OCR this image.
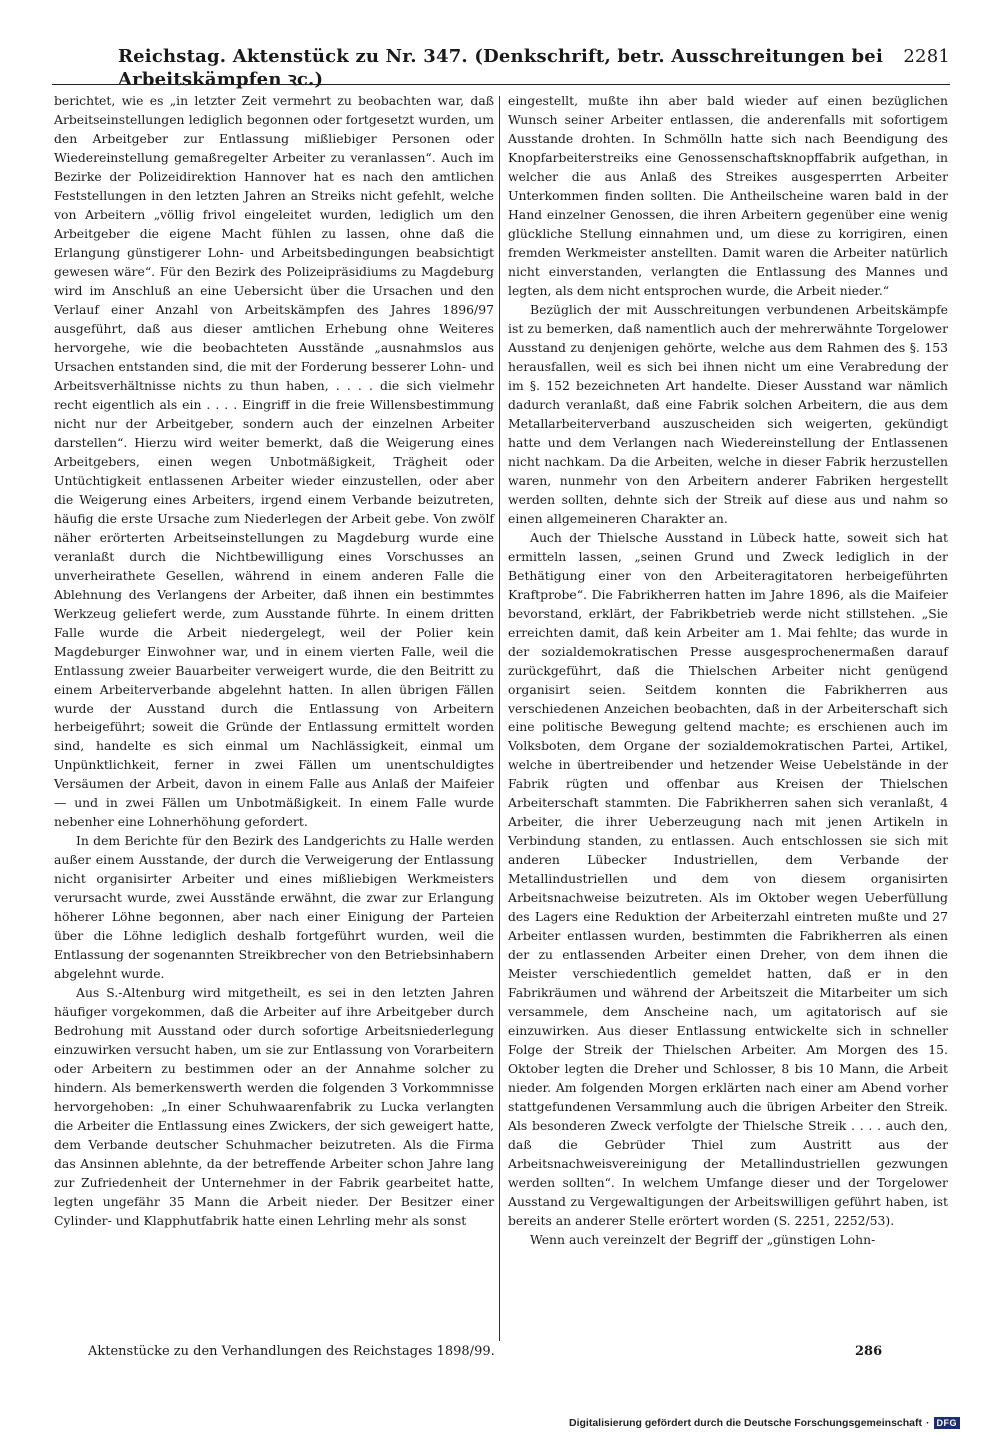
Reichstag. Aktenstück zu Nr. 347. (Denkschrift, betr. Ausschreitungen bei Arbeitskämpfen ꝛc.)
2281

berichtet, wie es „in letzter Zeit vermehrt zu beobachten war, daß Arbeitseinstellungen lediglich begonnen oder fortgesetzt wurden, um den Arbeitgeber zur Entlassung mißliebiger Personen oder Wiedereinstellung gemaßregelter Arbeiter zu veranlassen“. Auch im Bezirke der Polizeidirektion Hannover hat es nach den amtlichen Feststellungen in den letzten Jahren an Streiks nicht gefehlt, welche von Arbeitern „völlig frivol eingeleitet wurden, lediglich um den Arbeitgeber die eigene Macht fühlen zu lassen, ohne daß die Erlangung günstigerer Lohn- und Arbeitsbedingungen beabsichtigt gewesen wäre“. Für den Bezirk des Polizeipräsidiums zu Magdeburg wird im Anschluß an eine Uebersicht über die Ursachen und den Verlauf einer Anzahl von Arbeitskämpfen des Jahres 1896/97 ausgeführt, daß aus dieser amtlichen Erhebung ohne Weiteres hervorgehe, wie die beobachteten Ausstände „ausnahmslos aus Ursachen entstanden sind, die mit der Forderung besserer Lohn- und Arbeitsverhältnisse nichts zu thun haben, . . . . die sich vielmehr recht eigentlich als ein . . . . Eingriff in die freie Willensbestimmung nicht nur der Arbeitgeber, sondern auch der einzelnen Arbeiter darstellen“. Hierzu wird weiter bemerkt, daß die Weigerung eines Arbeitgebers, einen wegen Unbotmäßigkeit, Trägheit oder Untüchtigkeit entlassenen Arbeiter wieder einzustellen, oder aber die Weigerung eines Arbeiters, irgend einem Verbande beizutreten, häufig die erste Ursache zum Niederlegen der Arbeit gebe. Von zwölf näher erörterten Arbeitseinstellungen zu Magdeburg wurde eine veranlaßt durch die Nichtbewilligung eines Vorschusses an unverheirathete Gesellen, während in einem anderen Falle die Ablehnung des Verlangens der Arbeiter, daß ihnen ein bestimmtes Werkzeug geliefert werde, zum Ausstande führte. In einem dritten Falle wurde die Arbeit niedergelegt, weil der Polier kein Magdeburger Einwohner war, und in einem vierten Falle, weil die Entlassung zweier Bauarbeiter verweigert wurde, die den Beitritt zu einem Arbeiterverbande abgelehnt hatten. In allen übrigen Fällen wurde der Ausstand durch die Entlassung von Arbeitern herbeigeführt; soweit die Gründe der Entlassung ermittelt worden sind, handelte es sich einmal um Nachlässigkeit, einmal um Unpünktlichkeit, ferner in zwei Fällen um unentschuldigtes Versäumen der Arbeit, davon in einem Falle aus Anlaß der Maifeier — und in zwei Fällen um Unbotmäßigkeit. In einem Falle wurde nebenher eine Lohnerhöhung gefordert.

In dem Berichte für den Bezirk des Landgerichts zu Halle werden außer einem Ausstande, der durch die Verweigerung der Entlassung nicht organisirter Arbeiter und eines mißliebigen Werkmeisters verursacht wurde, zwei Ausstände erwähnt, die zwar zur Erlangung höherer Löhne begonnen, aber nach einer Einigung der Parteien über die Löhne lediglich deshalb fortgeführt wurden, weil die Entlassung der sogenannten Streikbrecher von den Betriebsinhabern abgelehnt wurde.

Aus S.-Altenburg wird mitgetheilt, es sei in den letzten Jahren häufiger vorgekommen, daß die Arbeiter auf ihre Arbeitgeber durch Bedrohung mit Ausstand oder durch sofortige Arbeitsniederlegung einzuwirken versucht haben, um sie zur Entlassung von Vorarbeitern oder Arbeitern zu bestimmen oder an der Annahme solcher zu hindern. Als bemerkenswerth werden die folgenden 3 Vorkommnisse hervorgehoben: „In einer Schuhwaarenfabrik zu Lucka verlangten die Arbeiter die Entlassung eines Zwickers, der sich geweigert hatte, dem Verbande deutscher Schuhmacher beizutreten. Als die Firma das Ansinnen ablehnte, da der betreffende Arbeiter schon Jahre lang zur Zufriedenheit der Unternehmer in der Fabrik gearbeitet hatte, legten ungefähr 35 Mann die Arbeit nieder. Der Besitzer einer Cylinder- und Klapphutfabrik hatte einen Lehrling mehr als sonst

eingestellt, mußte ihn aber bald wieder auf einen bezüglichen Wunsch seiner Arbeiter entlassen, die anderenfalls mit sofortigem Ausstande drohten. In Schmölln hatte sich nach Beendigung des Knopfarbeiterstreiks eine Genossenschaftsknopffabrik aufgethan, in welcher die aus Anlaß des Streikes ausgesperrten Arbeiter Unterkommen finden sollten. Die Antheilscheine waren bald in der Hand einzelner Genossen, die ihren Arbeitern gegenüber eine wenig glückliche Stellung einnahmen und, um diese zu korrigiren, einen fremden Werkmeister anstellten. Damit waren die Arbeiter natürlich nicht einverstanden, verlangten die Entlassung des Mannes und legten, als dem nicht entsprochen wurde, die Arbeit nieder.“

Bezüglich der mit Ausschreitungen verbundenen Arbeitskämpfe ist zu bemerken, daß namentlich auch der mehrerwähnte Torgelower Ausstand zu denjenigen gehörte, welche aus dem Rahmen des §. 153 herausfallen, weil es sich bei ihnen nicht um eine Verabredung der im §. 152 bezeichneten Art handelte. Dieser Ausstand war nämlich dadurch veranlaßt, daß eine Fabrik solchen Arbeitern, die aus dem Metallarbeiterverband auszuscheiden sich weigerten, gekündigt hatte und dem Verlangen nach Wiedereinstellung der Entlassenen nicht nachkam. Da die Arbeiten, welche in dieser Fabrik herzustellen waren, nunmehr von den Arbeitern anderer Fabriken hergestellt werden sollten, dehnte sich der Streik auf diese aus und nahm so einen allgemeineren Charakter an.

Auch der Thielsche Ausstand in Lübeck hatte, soweit sich hat ermitteln lassen, „seinen Grund und Zweck lediglich in der Bethätigung einer von den Arbeiteragitatoren herbeigeführten Kraftprobe“. Die Fabrikherren hatten im Jahre 1896, als die Maifeier bevorstand, erklärt, der Fabrikbetrieb werde nicht stillstehen. „Sie erreichten damit, daß kein Arbeiter am 1. Mai fehlte; das wurde in der sozialdemokratischen Presse ausgesprochenermaßen darauf zurückgeführt, daß die Thielschen Arbeiter nicht genügend organisirt seien. Seitdem konnten die Fabrikherren aus verschiedenen Anzeichen beobachten, daß in der Arbeiterschaft sich eine politische Bewegung geltend machte; es erschienen auch im Volksboten, dem Organe der sozialdemokratischen Partei, Artikel, welche in übertreibender und hetzender Weise Uebelstände in der Fabrik rügten und offenbar aus Kreisen der Thielschen Arbeiterschaft stammten. Die Fabrikherren sahen sich veranlaßt, 4 Arbeiter, die ihrer Ueberzeugung nach mit jenen Artikeln in Verbindung standen, zu entlassen. Auch entschlossen sie sich mit anderen Lübecker Industriellen, dem Verbande der Metallindustriellen und dem von diesem organisirten Arbeitsnachweise beizutreten. Als im Oktober wegen Ueberfüllung des Lagers eine Reduktion der Arbeiterzahl eintreten mußte und 27 Arbeiter entlassen wurden, bestimmten die Fabrikherren als einen der zu entlassenden Arbeiter einen Dreher, von dem ihnen die Meister verschiedentlich gemeldet hatten, daß er in den Fabrikräumen und während der Arbeitszeit die Mitarbeiter um sich versammele, dem Anscheine nach, um agitatorisch auf sie einzuwirken. Aus dieser Entlassung entwickelte sich in schneller Folge der Streik der Thielschen Arbeiter. Am Morgen des 15. Oktober legten die Dreher und Schlosser, 8 bis 10 Mann, die Arbeit nieder. Am folgenden Morgen erklärten nach einer am Abend vorher stattgefundenen Versammlung auch die übrigen Arbeiter den Streik. Als besonderen Zweck verfolgte der Thielsche Streik . . . . auch den, daß die Gebrüder Thiel zum Austritt aus der Arbeitsnachweisvereinigung der Metallindustriellen gezwungen werden sollten“. In welchem Umfange dieser und der Torgelower Ausstand zu Vergewaltigungen der Arbeitswilligen geführt haben, ist bereits an anderer Stelle erörtert worden (S. 2251, 2252/53).

Wenn auch vereinzelt der Begriff der „günstigen Lohn-

Aktenstücke zu den Verhandlungen des Reichstages 1898/99.	286
Digitalisierung gefördert durch die Deutsche Forschungsgemeinschaft · DFG
